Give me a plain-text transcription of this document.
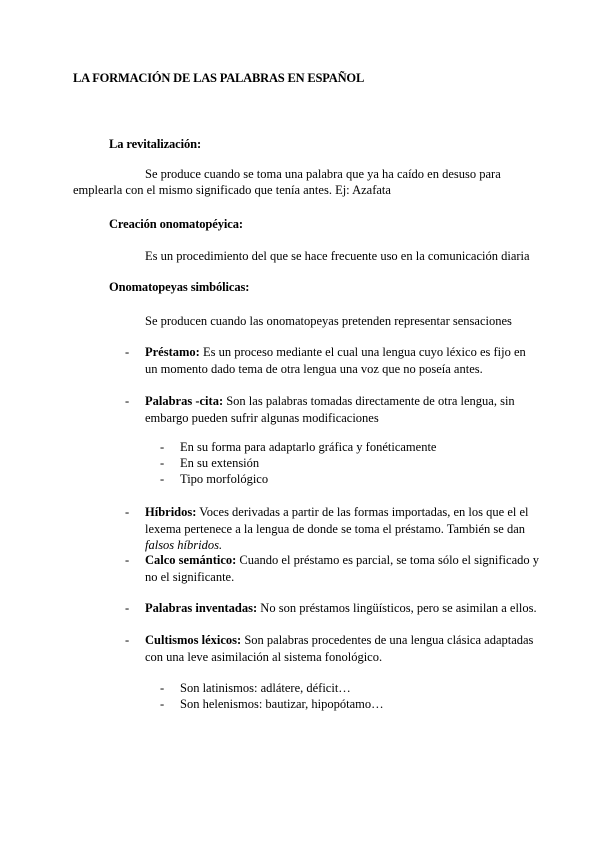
LA FORMACIÓN DE LAS PALABRAS EN ESPAÑOL
La revitalización:
Se produce cuando se toma una palabra que ya ha caído en desuso para
emplearla con el mismo significado que tenía antes. Ej: Azafata
Creación onomatopéyica:
Es un procedimiento del que se hace frecuente uso en la comunicación diaria
Onomatopeyas simbólicas:
Se producen cuando las onomatopeyas pretenden representar sensaciones
- Préstamo: Es un proceso mediante el cual una lengua cuyo léxico es fijo en un momento dado tema de otra lengua una voz que no poseía antes.
- Palabras -cita: Son las palabras tomadas directamente de otra lengua, sin embargo pueden sufrir algunas modificaciones
- En su forma para adaptarlo gráfica y fonéticamente
- En su extensión
- Tipo morfológico
- Híbridos: Voces derivadas a partir de las formas importadas, en los que el el lexema pertenece a la lengua de donde se toma el préstamo. También se dan falsos híbridos.
- Calco semántico: Cuando el préstamo es parcial, se toma sólo el significado y no el significante.
- Palabras inventadas: No son préstamos lingüísticos, pero se asimilan a ellos.
- Cultismos léxicos: Son palabras procedentes de una lengua clásica adaptadas con una leve asimilación al sistema fonológico.
- Son latinismos: adlátere, déficit…
- Son helenismos: bautizar, hipopótamo…
